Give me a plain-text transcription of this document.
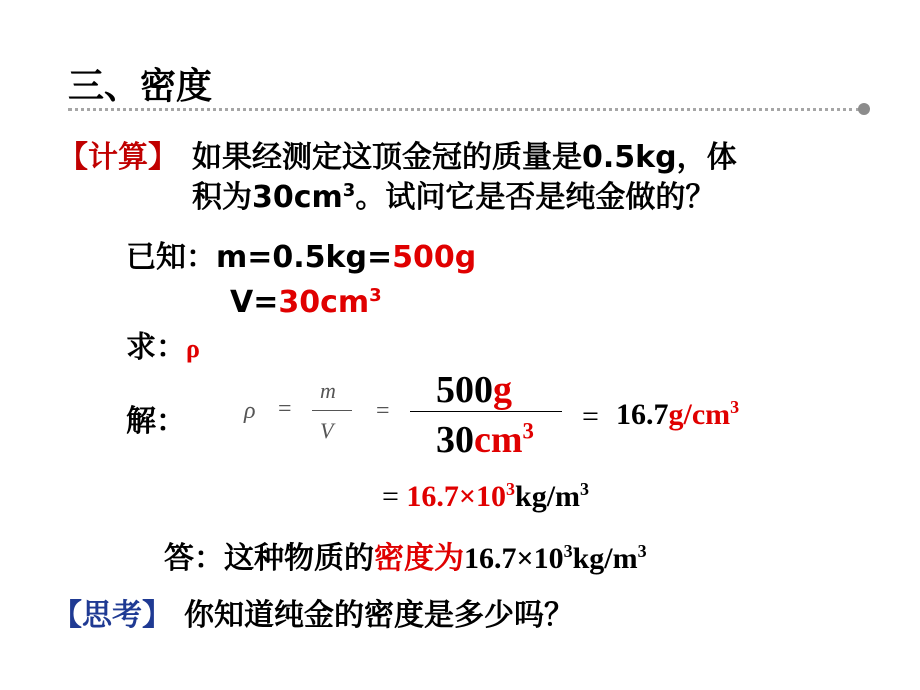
三、密度
【计算】 如果经测定这顶金冠的质量是0.5kg，体
积为$30cm^3$。试问它是否是纯金做的？
已知：m=0.5kg=500g
$V=30cm^3$
求：ρ
解： ρ =
m
V
= 500g
$30cm^3 = 16.7g/cm^3$
= $16.7\times 10^3kg/m^3$
答：这种物质的密度为$16.7\times 10^3kg/m^3$
【思考】 你知道纯金的密度是多少吗？
